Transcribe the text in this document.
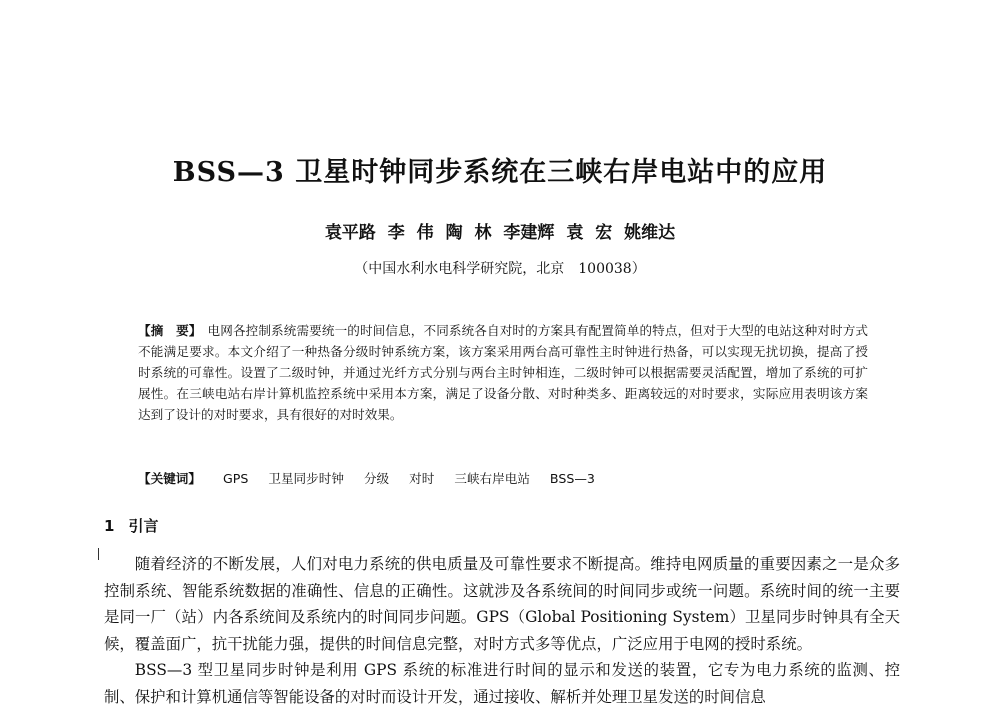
BSS—3 卫星时钟同步系统在三峡右岸电站中的应用
袁平路 李 伟 陶 林 李建辉 袁 宏 姚维达
（中国水利水电科学研究院，北京　100038）
【摘　要】 电网各控制系统需要统一的时间信息，不同系统各自对时的方案具有配置简单的特点，但对于大型的电站这种对时方式不能满足要求。本文介绍了一种热备分级时钟系统方案，该方案采用两台高可靠性主时钟进行热备，可以实现无扰切换，提高了授时系统的可靠性。设置了二级时钟，并通过光纤方式分别与两台主时钟相连，二级时钟可以根据需要灵活配置，增加了系统的可扩展性。在三峡电站右岸计算机监控系统中采用本方案，满足了设备分散、对时种类多、距离较远的对时要求，实际应用表明该方案达到了设计的对时要求，具有很好的对时效果。
【关键词】 GPS 卫星同步时钟 分级 对时 三峡右岸电站 BSS—3
1 引言

随着经济的不断发展，人们对电力系统的供电质量及可靠性要求不断提高。维持电网质量的重要因素之一是众多控制系统、智能系统数据的准确性、信息的正确性。这就涉及各系统间的时间同步或统一问题。系统时间的统一主要是同一厂（站）内各系统间及系统内的时间同步问题。GPS（Global Positioning System）卫星同步时钟具有全天候，覆盖面广，抗干扰能力强，提供的时间信息完整，对时方式多等优点，广泛应用于电网的授时系统。

BSS—3 型卫星同步时钟是利用 GPS 系统的标准进行时间的显示和发送的装置，它专为电力系统的监测、控制、保护和计算机通信等智能设备的对时而设计开发，通过接收、解析并处理卫星发送的时间信息
